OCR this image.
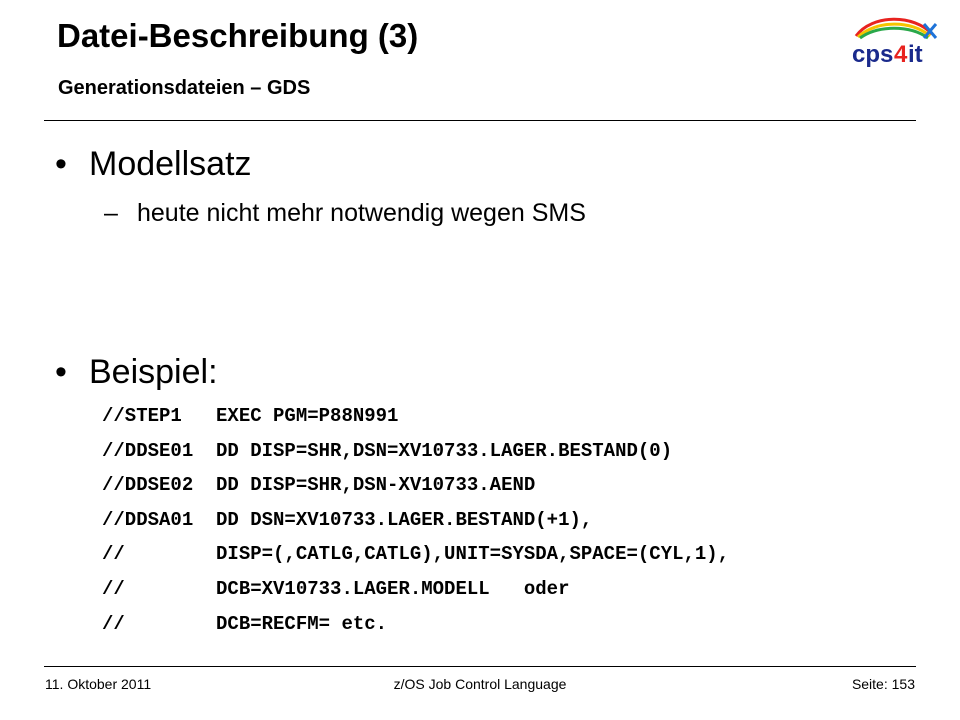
Datei-Beschreibung (3)
Generationsdateien – GDS
cps 4 it
• Modellsatz
– heute nicht mehr notwendig wegen SMS
• Beispiel:
//STEP1   EXEC PGM=P88N991
//DDSE01  DD DISP=SHR,DSN=XV10733.LAGER.BESTAND(0)
//DDSE02  DD DISP=SHR,DSN-XV10733.AEND
//DDSA01  DD DSN=XV10733.LAGER.BESTAND(+1),
//        DISP=(,CATLG,CATLG),UNIT=SYSDA,SPACE=(CYL,1),
//        DCB=XV10733.LAGER.MODELL   oder
//        DCB=RECFM= etc.
11. Oktober 2011	z/OS Job Control Language	Seite: 153
